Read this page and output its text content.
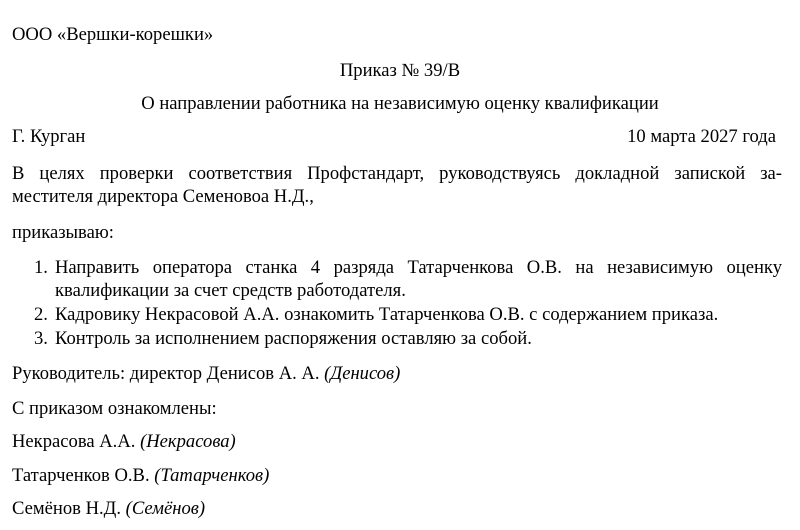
ООО «Вершки-корешки»
Приказ № 39/В
О направлении работника на независимую оценку квалификации
Г. Курган	10 марта 2027 года
В целях проверки соответствия Профстандарт, руководствуясь докладной запиской за-
местителя директора Семеновоа Н.Д.,
приказываю:
1. Направить оператора станка 4 разряда Татарченкова О.В. на независимую оценку
квалификации за счет средств работодателя.
2. Кадровику Некрасовой А.А. ознакомить Татарченкова О.В. с содержанием приказа.
3. Контроль за исполнением распоряжения оставляю за собой.
Руководитель: директор Денисов А. А. (Денисов)
С приказом ознакомлены:
Некрасова А.А. (Некрасова)
Татарченков О.В. (Татарченков)
Семёнов Н.Д. (Семёнов)
